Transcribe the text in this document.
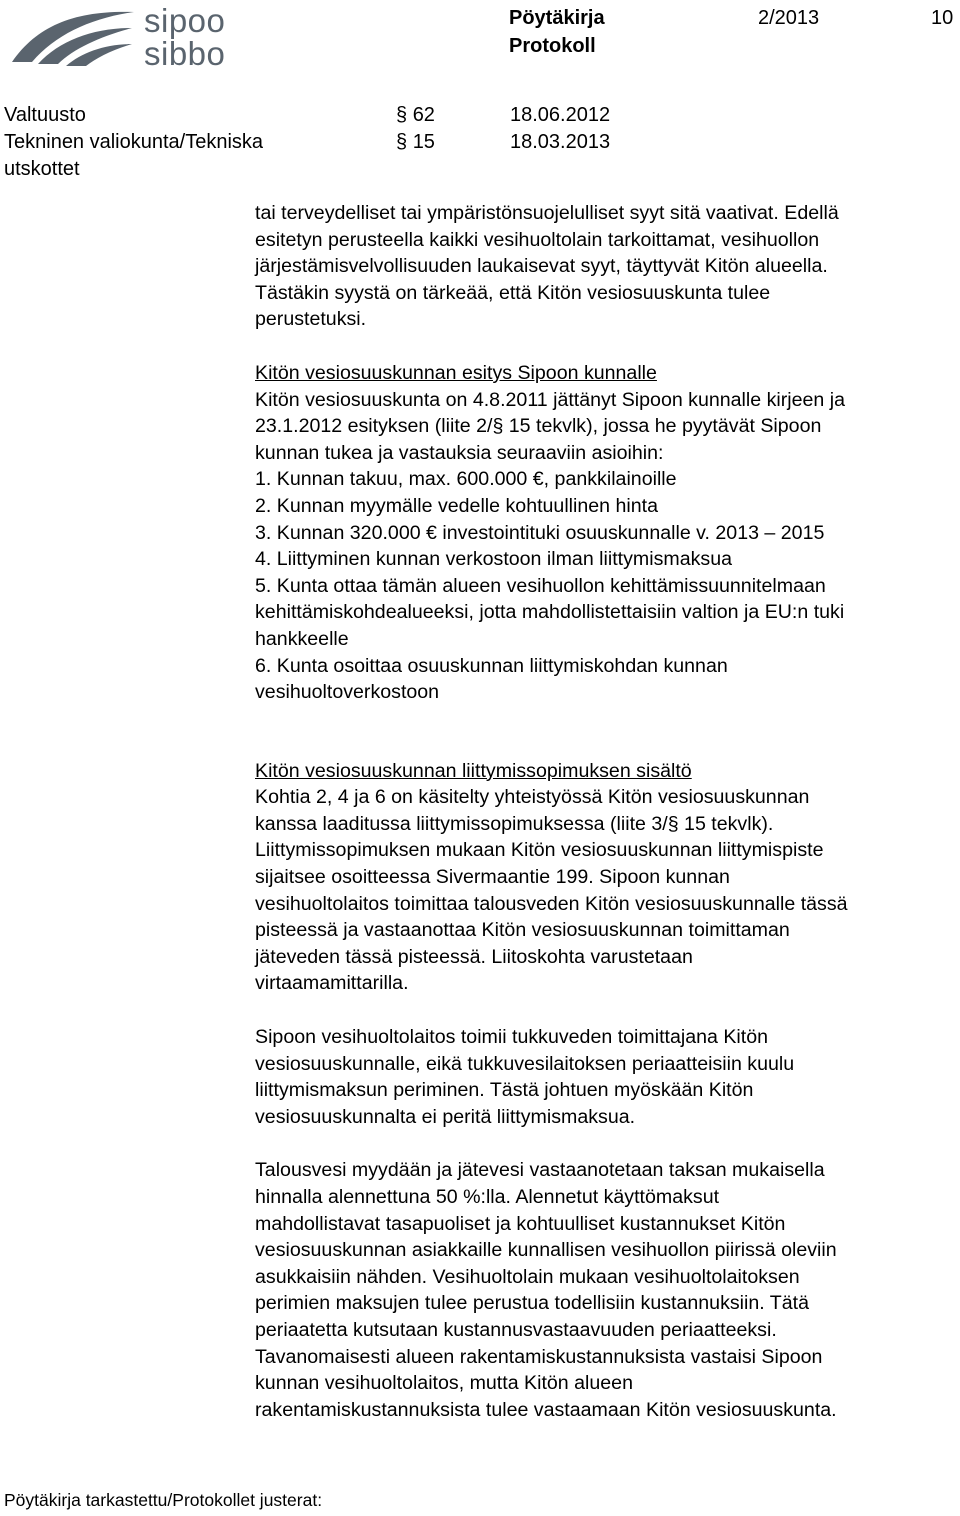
sipoo
sibbo
Pöytäkirja
Protokoll
2/2013	10
Valtuusto	§ 62	18.06.2012
Tekninen valiokunta/Tekniska
utskottet
§ 15	18.03.2013
tai terveydelliset tai ympäristönsuojelulliset syyt sitä vaativat. Edellä
esitetyn perusteella kaikki vesihuoltolain tarkoittamat, vesihuollon
järjestämisvelvollisuuden laukaisevat syyt, täyttyvät Kitön alueella.
Tästäkin syystä on tärkeää, että Kitön vesiosuuskunta tulee
perustetuksi.
Kitön vesiosuuskunnan esitys Sipoon kunnalle
Kitön vesiosuuskunta on 4.8.2011 jättänyt Sipoon kunnalle kirjeen ja
23.1.2012 esityksen (liite 2/§ 15 tekvlk), jossa he pyytävät Sipoon
kunnan tukea ja vastauksia seuraaviin asioihin:
1. Kunnan takuu, max. 600.000 €, pankkilainoille
2. Kunnan myymälle vedelle kohtuullinen hinta
3. Kunnan 320.000 € investointituki osuuskunnalle v. 2013 – 2015
4. Liittyminen kunnan verkostoon ilman liittymismaksua
5. Kunta ottaa tämän alueen vesihuollon kehittämissuunnitelmaan
kehittämiskohdealueeksi, jotta mahdollistettaisiin valtion ja EU:n tuki
hankkeelle
6. Kunta osoittaa osuuskunnan liittymiskohdan kunnan
vesihuoltoverkostoon
Kitön vesiosuuskunnan liittymissopimuksen sisältö
Kohtia 2, 4 ja 6 on käsitelty yhteistyössä Kitön vesiosuuskunnan
kanssa laaditussa liittymissopimuksessa (liite 3/§ 15 tekvlk).
Liittymissopimuksen mukaan Kitön vesiosuuskunnan liittymispiste
sijaitsee osoitteessa Sivermaantie 199. Sipoon kunnan
vesihuoltolaitos toimittaa talousveden Kitön vesiosuuskunnalle tässä
pisteessä ja vastaanottaa Kitön vesiosuuskunnan toimittaman
jäteveden tässä pisteessä. Liitoskohta varustetaan
virtaamamittarilla.
Sipoon vesihuoltolaitos toimii tukkuveden toimittajana Kitön
vesiosuuskunnalle, eikä tukkuvesilaitoksen periaatteisiin kuulu
liittymismaksun periminen. Tästä johtuen myöskään Kitön
vesiosuuskunnalta ei peritä liittymismaksua.
Talousvesi myydään ja jätevesi vastaanotetaan taksan mukaisella
hinnalla alennettuna 50 %:lla. Alennetut käyttömaksut
mahdollistavat tasapuoliset ja kohtuulliset kustannukset Kitön
vesiosuuskunnan asiakkaille kunnallisen vesihuollon piirissä oleviin
asukkaisiin nähden. Vesihuoltolain mukaan vesihuoltolaitoksen
perimien maksujen tulee perustua todellisiin kustannuksiin. Tätä
periaatetta kutsutaan kustannusvastaavuuden periaatteeksi.
Tavanomaisesti alueen rakentamiskustannuksista vastaisi Sipoon
kunnan vesihuoltolaitos, mutta Kitön alueen
rakentamiskustannuksista tulee vastaamaan Kitön vesiosuuskunta.
Pöytäkirja tarkastettu/Protokollet justerat:
